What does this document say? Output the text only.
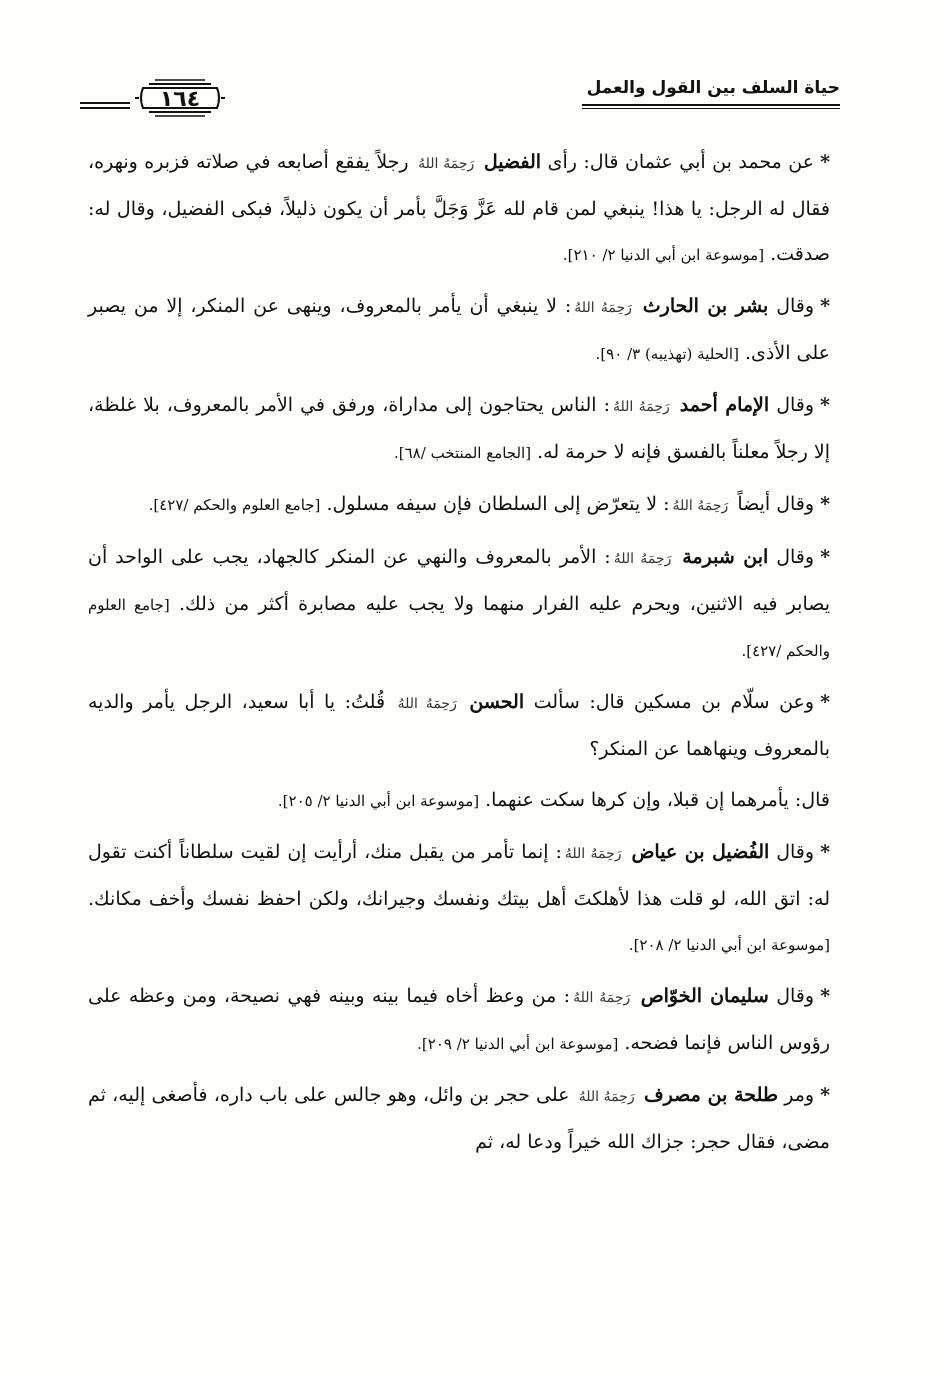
حياة السلف بين القول والعمل
١٦٤

*عن محمد بن أبي عثمان قال: رأى الفضيل رَحِمَهُ اللهُ رجلاً يفقع أصابعه في صلاته فزبره ونهره، فقال له الرجل: يا هذا! ينبغي لمن قام لله عَزَّ وَجَلَّ بأمر أن يكون ذليلاً، فبكى الفضيل، وقال له: صدقت. [موسوعة ابن أبي الدنيا ٢/ ٢١٠].

*وقال بشر بن الحارث رَحِمَهُ اللهُ: لا ينبغي أن يأمر بالمعروف، وينهى عن المنكر، إلا من يصبر على الأذى. [الحلية (تهذيبه) ٣/ ٩٠].

*وقال الإمام أحمد رَحِمَهُ اللهُ: الناس يحتاجون إلى مداراة، ورفق في الأمر بالمعروف، بلا غلظة، إلا رجلاً معلناً بالفسق فإنه لا حرمة له. [الجامع المنتخب /٦٨].

*وقال أيضاً رَحِمَهُ اللهُ: لا يتعرّض إلى السلطان فإن سيفه مسلول. [جامع العلوم والحكم /٤٢٧].

*وقال ابن شبرمة رَحِمَهُ اللهُ: الأمر بالمعروف والنهي عن المنكر كالجهاد، يجب على الواحد أن يصابر فيه الاثنين، ويحرم عليه الفرار منهما ولا يجب عليه مصابرة أكثر من ذلك. [جامع العلوم والحكم /٤٢٧].

*وعن سلّام بن مسكين قال: سألت الحسن رَحِمَهُ اللهُ قُلتُ: يا أبا سعيد، الرجل يأمر والديه بالمعروف وينهاهما عن المنكر؟

قال: يأمرهما إن قبلا، وإن كرها سكت عنهما. [موسوعة ابن أبي الدنيا ٢/ ٢٠٥].

*وقال الفُضيل بن عياض رَحِمَهُ اللهُ: إنما تأمر من يقبل منك، أرأيت إن لقيت سلطاناً أكنت تقول له: اتق الله، لو قلت هذا لأهلكتَ أهل بيتك ونفسك وجيرانك، ولكن احفظ نفسك وأخف مكانك. [موسوعة ابن أبي الدنيا ٢/ ٢٠٨].

*وقال سليمان الخوّاص رَحِمَهُ اللهُ: من وعظ أخاه فيما بينه وبينه فهي نصيحة، ومن وعظه على رؤوس الناس فإنما فضحه. [موسوعة ابن أبي الدنيا ٢/ ٢٠٩].

*ومر طلحة بن مصرف رَحِمَهُ اللهُ على حجر بن وائل، وهو جالس على باب داره، فأصغى إليه، ثم مضى، فقال حجر: جزاك الله خيراً ودعا له، ثم
